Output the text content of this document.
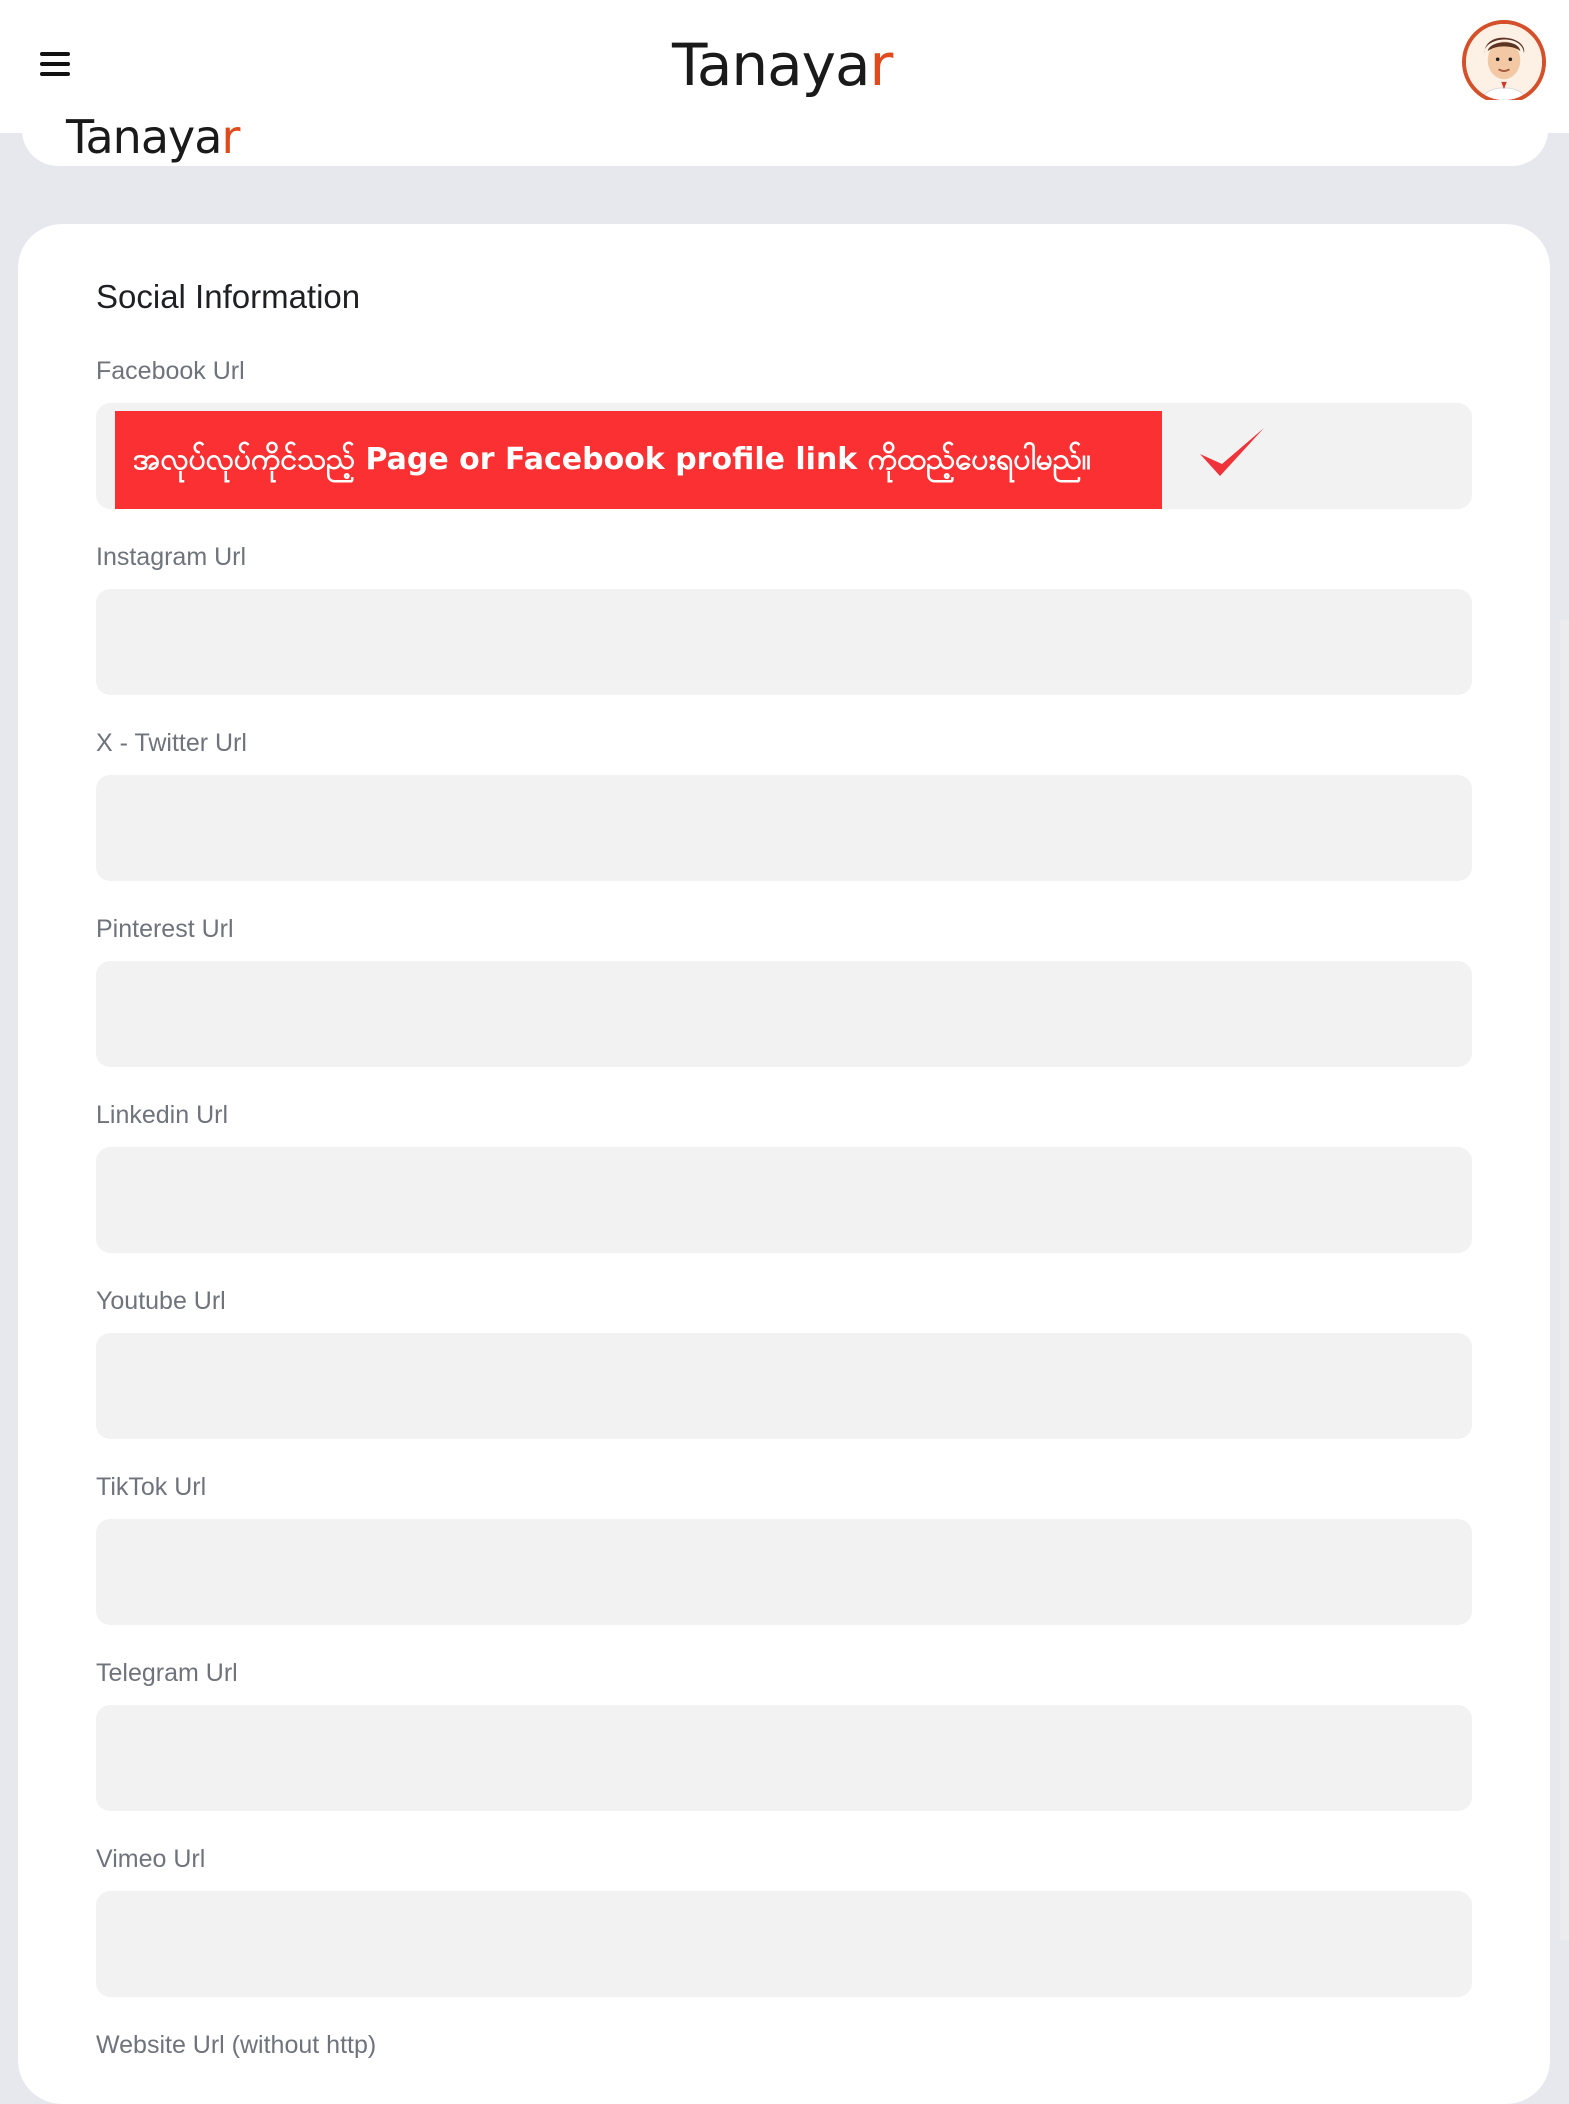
Tanayar
Tanayar
Social Information
Facebook Url
Instagram Url
X - Twitter Url
Pinterest Url
Linkedin Url
Youtube Url
TikTok Url
Telegram Url
Vimeo Url
Website Url (without http)
အလုပ်လုပ်ကိုင်သည့် Page or Facebook profile link ကိုထည့်ပေးရပါမည်။
